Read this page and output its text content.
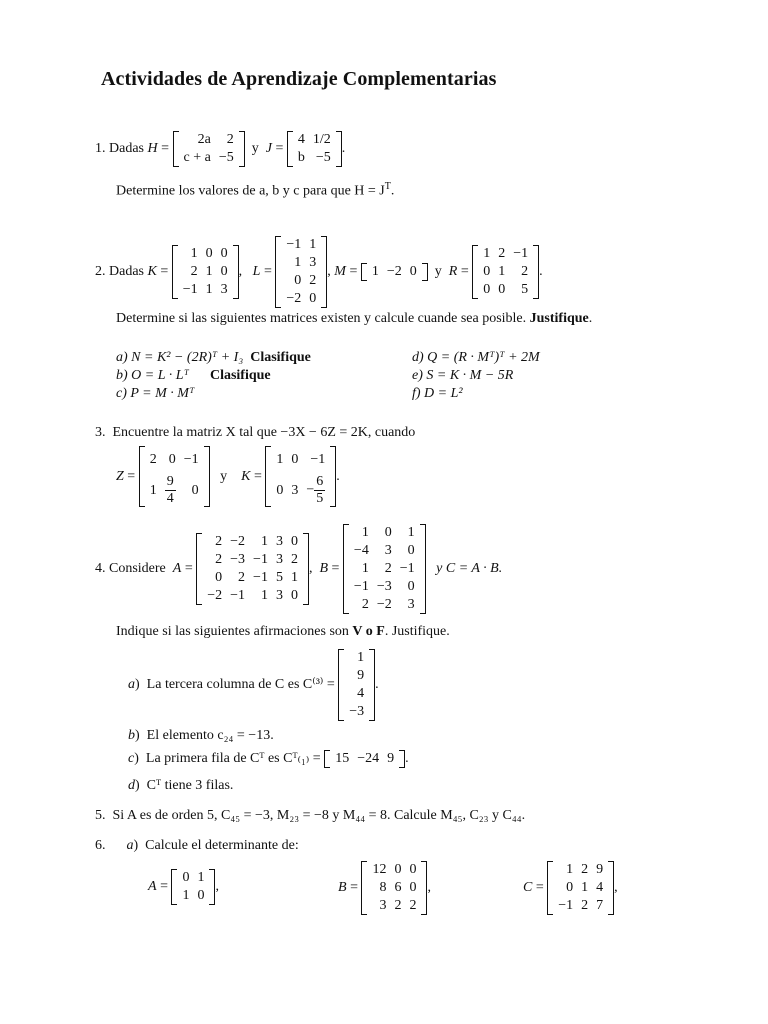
Actividades de Aprendizaje Complementarias
1.
Dadas
H =
2a	2
c + a	−5
y J =
4	1/2
b	−5
.
Determine los valores de a, b y c para que $H = J^T$.
2.
Dadas
K =
1	0	0
2	1	0
−1	1	3
, L =
−1	1
1	3
0	2
−2	0
, M = 1	−2	0 y R =
1	2	−1
0	1	2
0	0	5
.
Determine si las siguientes matrices existen y calcule cuande sea posible. Justifique.
a) N = K² − (2R)ᵀ + I₃ Clasifique
b) O = L · Lᵀ Clasifique
c) P = M · Mᵀ
d) Q = (R · Mᵀ)ᵀ + 2M
e) S = K · M − 5R
f) D = L²
3. Encuentre la matriz X tal que −3X − 6Z = 2K, cuando
Z =
2	0	−1
1	$\frac{9}{4}$	0
y K =
1	0	−1
0	3	− $\frac{6}{5}$ .
4.
Considere
A =
2	−2	1	3	0
2	−3	−1	3	2
0	2	−1	5	1
−2	−1	1	3	0
, B =
1	0	1
−4	3	0
1	2	−1
−1	−3	0
2	−2	3

y C = A · B.
Indique si las siguientes afirmaciones son V o F. Justifique.
a ) La tercera columna de C es C⁽³⁾ =

1
9
4
−3
.
b)  El elemento c₂₄ = −13.
c ) La primera fila de Cᵀ es Cᵀ₍₁₎ =
15	−24	9 .
d)  Cᵀ tiene 3 filas.
5. Si A es de orden 5, C₄₅ = −3, M₂₃ = −8 y M₄₄ = 8. Calcule M₄₅, C₂₃ y C₄₄.
6. a)  Calcule el determinante de:
A =
0	1
1	0
,	B =
12	0	0
8	6	0
3	2	2
,	C =
1	2	9
0	1	4
−1	2	7
,
